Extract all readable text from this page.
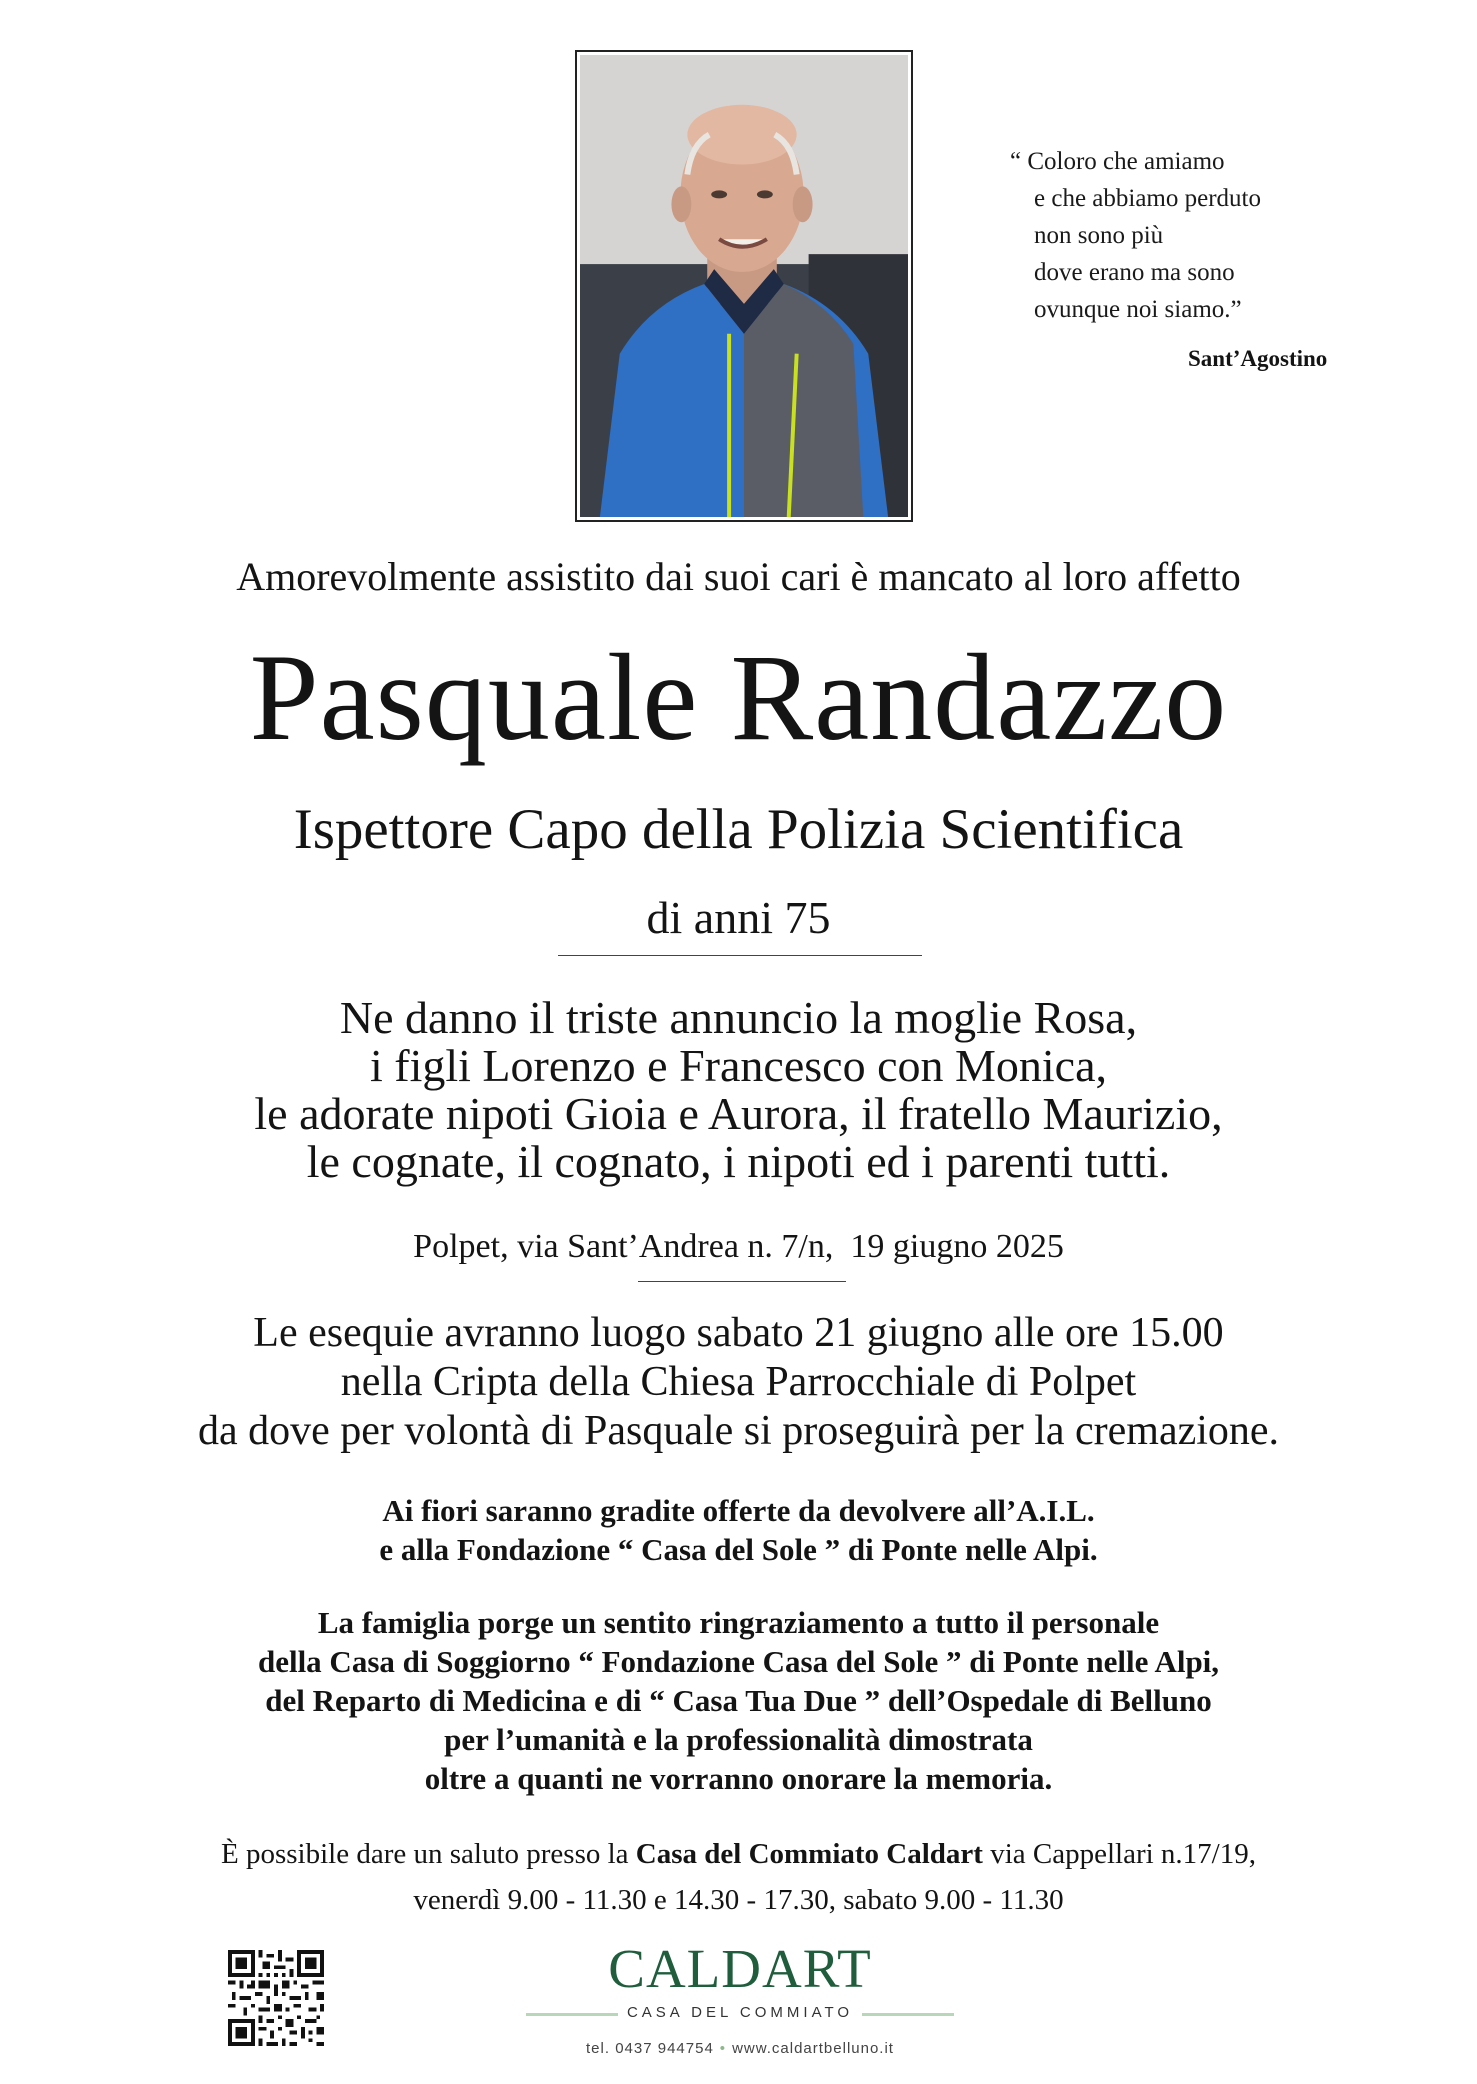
“ Coloro che amiamo
e che abbiamo perduto
non sono più
dove erano ma sono
ovunque noi siamo.”
Sant’Agostino
Amorevolmente assistito dai suoi cari è mancato al loro affetto
Pasquale Randazzo
Ispettore Capo della Polizia Scientifica
di anni 75
Ne danno il triste annuncio la moglie Rosa,
i figli Lorenzo e Francesco con Monica,
le adorate nipoti Gioia e Aurora, il fratello Maurizio,
le cognate, il cognato, i nipoti ed i parenti tutti.
Polpet, via Sant’Andrea n. 7/n,  19 giugno 2025
Le esequie avranno luogo sabato 21 giugno alle ore 15.00
nella Cripta della Chiesa Parrocchiale di Polpet
da dove per volontà di Pasquale si proseguirà per la cremazione.
Ai fiori saranno gradite offerte da devolvere all’A.I.L.
e alla Fondazione “ Casa del Sole ” di Ponte nelle Alpi.
La famiglia porge un sentito ringraziamento a tutto il personale
della Casa di Soggiorno “ Fondazione Casa del Sole ” di Ponte nelle Alpi,
del Reparto di Medicina e di “ Casa Tua Due ” dell’Ospedale di Belluno
per l’umanità e la professionalità dimostrata
oltre a quanti ne vorranno onorare la memoria.
È possibile dare un saluto presso la Casa del Commiato Caldart via Cappellari n.17/19,
venerdì 9.00 - 11.30 e 14.30 - 17.30, sabato 9.00 - 11.30
CALDART
CASA DEL COMMIATO
tel. 0437 944754 • www.caldartbelluno.it
